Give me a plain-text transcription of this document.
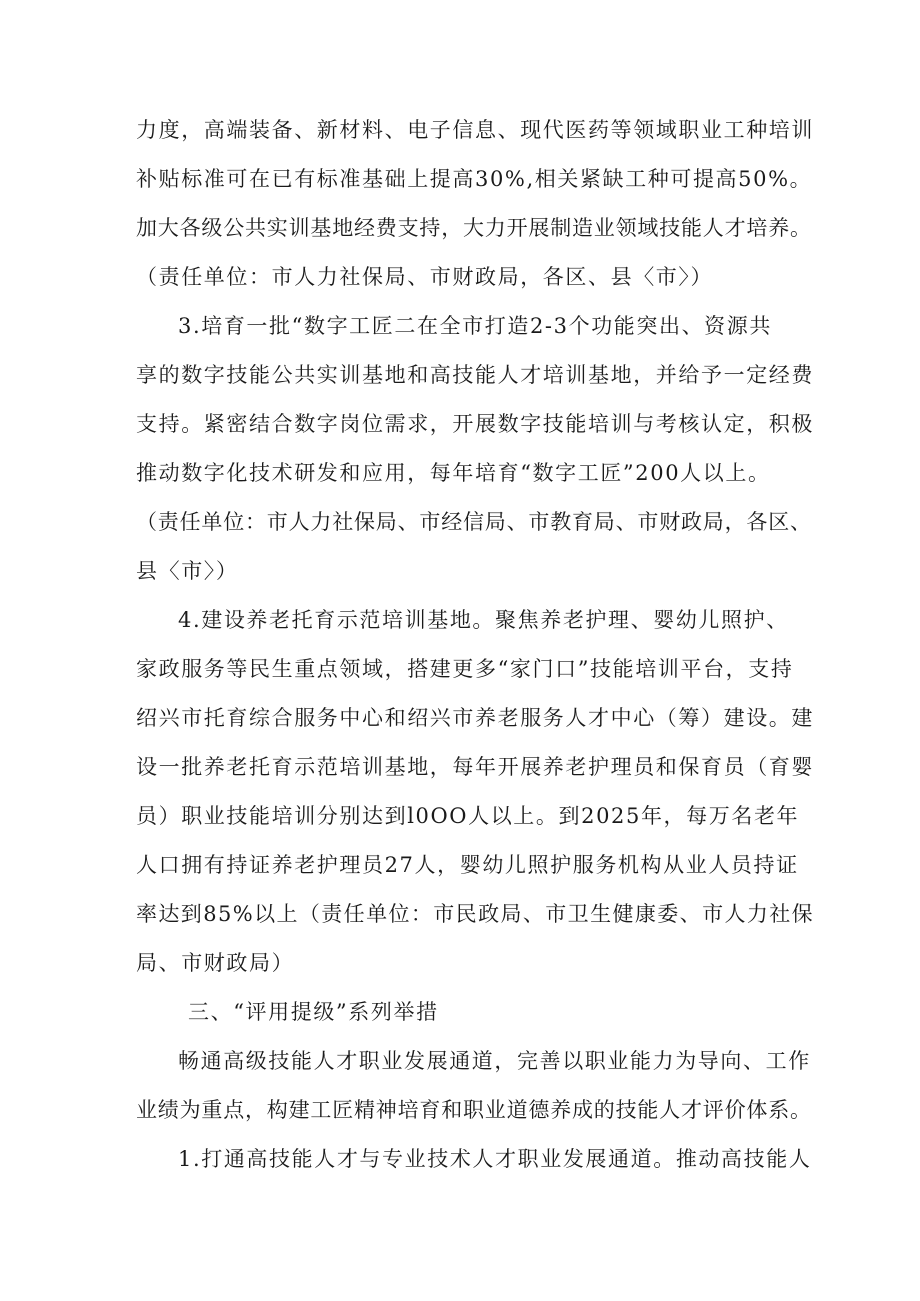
力度，高端装备、新材料、电子信息、现代医药等领域职业工种培训
补贴标准可在已有标准基础上提高30%,相关紧缺工种可提高50%。
加大各级公共实训基地经费支持，大力开展制造业领域技能人才培养。
（责任单位：市人力社保局、市财政局，各区、县〈市〉）
3.培育一批“数字工匠二在全市打造2-3个功能突出、资源共
享的数字技能公共实训基地和高技能人才培训基地，并给予一定经费
支持。紧密结合数字岗位需求，开展数字技能培训与考核认定，积极
推动数字化技术研发和应用，每年培育“数字工匠”200人以上。
（责任单位：市人力社保局、市经信局、市教育局、市财政局，各区、
县〈市〉）
4.建设养老托育示范培训基地。聚焦养老护理、婴幼儿照护、
家政服务等民生重点领域，搭建更多“家门口”技能培训平台，支持
绍兴市托育综合服务中心和绍兴市养老服务人才中心（筹）建设。建
设一批养老托育示范培训基地，每年开展养老护理员和保育员（育婴
员）职业技能培训分别达到l0OO人以上。到2025年，每万名老年
人口拥有持证养老护理员27人，婴幼儿照护服务机构从业人员持证
率达到85%以上（责任单位：市民政局、市卫生健康委、市人力社保
局、市财政局）
三、“评用提级”系列举措
畅通高级技能人才职业发展通道，完善以职业能力为导向、工作
业绩为重点，构建工匠精神培育和职业道德养成的技能人才评价体系。
1.打通高技能人才与专业技术人才职业发展通道。推动高技能人
